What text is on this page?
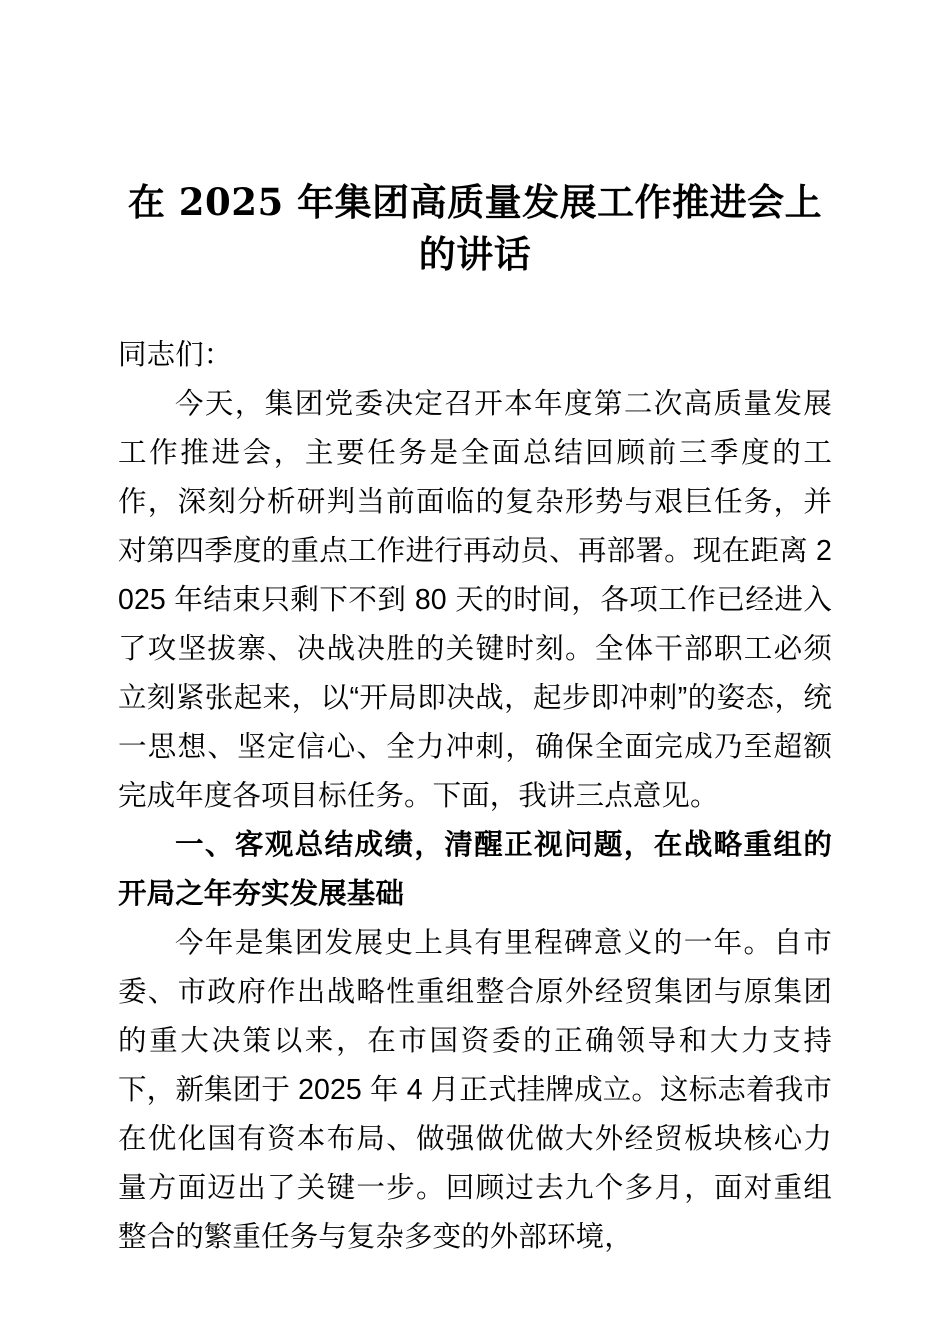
在 2025 年集团高质量发展工作推进会上的讲话

同志们：

今天，集团党委决定召开本年度第二次高质量发展工作推进会，主要任务是全面总结回顾前三季度的工作，深刻分析研判当前面临的复杂形势与艰巨任务，并对第四季度的重点工作进行再动员、再部署。现在距离 2025 年结束只剩下不到 80 天的时间，各项工作已经进入了攻坚拔寨、决战决胜的关键时刻。全体干部职工必须立刻紧张起来，以“开局即决战，起步即冲刺”的姿态，统一思想、坚定信心、全力冲刺，确保全面完成乃至超额完成年度各项目标任务。下面，我讲三点意见。

一、客观总结成绩，清醒正视问题，在战略重组的开局之年夯实发展基础

今年是集团发展史上具有里程碑意义的一年。自市委、市政府作出战略性重组整合原外经贸集团与原集团的重大决策以来，在市国资委的正确领导和大力支持下，新集团于 2025 年 4 月正式挂牌成立。这标志着我市在优化国有资本布局、做强做优做大外经贸板块核心力量方面迈出了关键一步。回顾过去九个多月，面对重组整合的繁重任务与复杂多变的外部环境，
